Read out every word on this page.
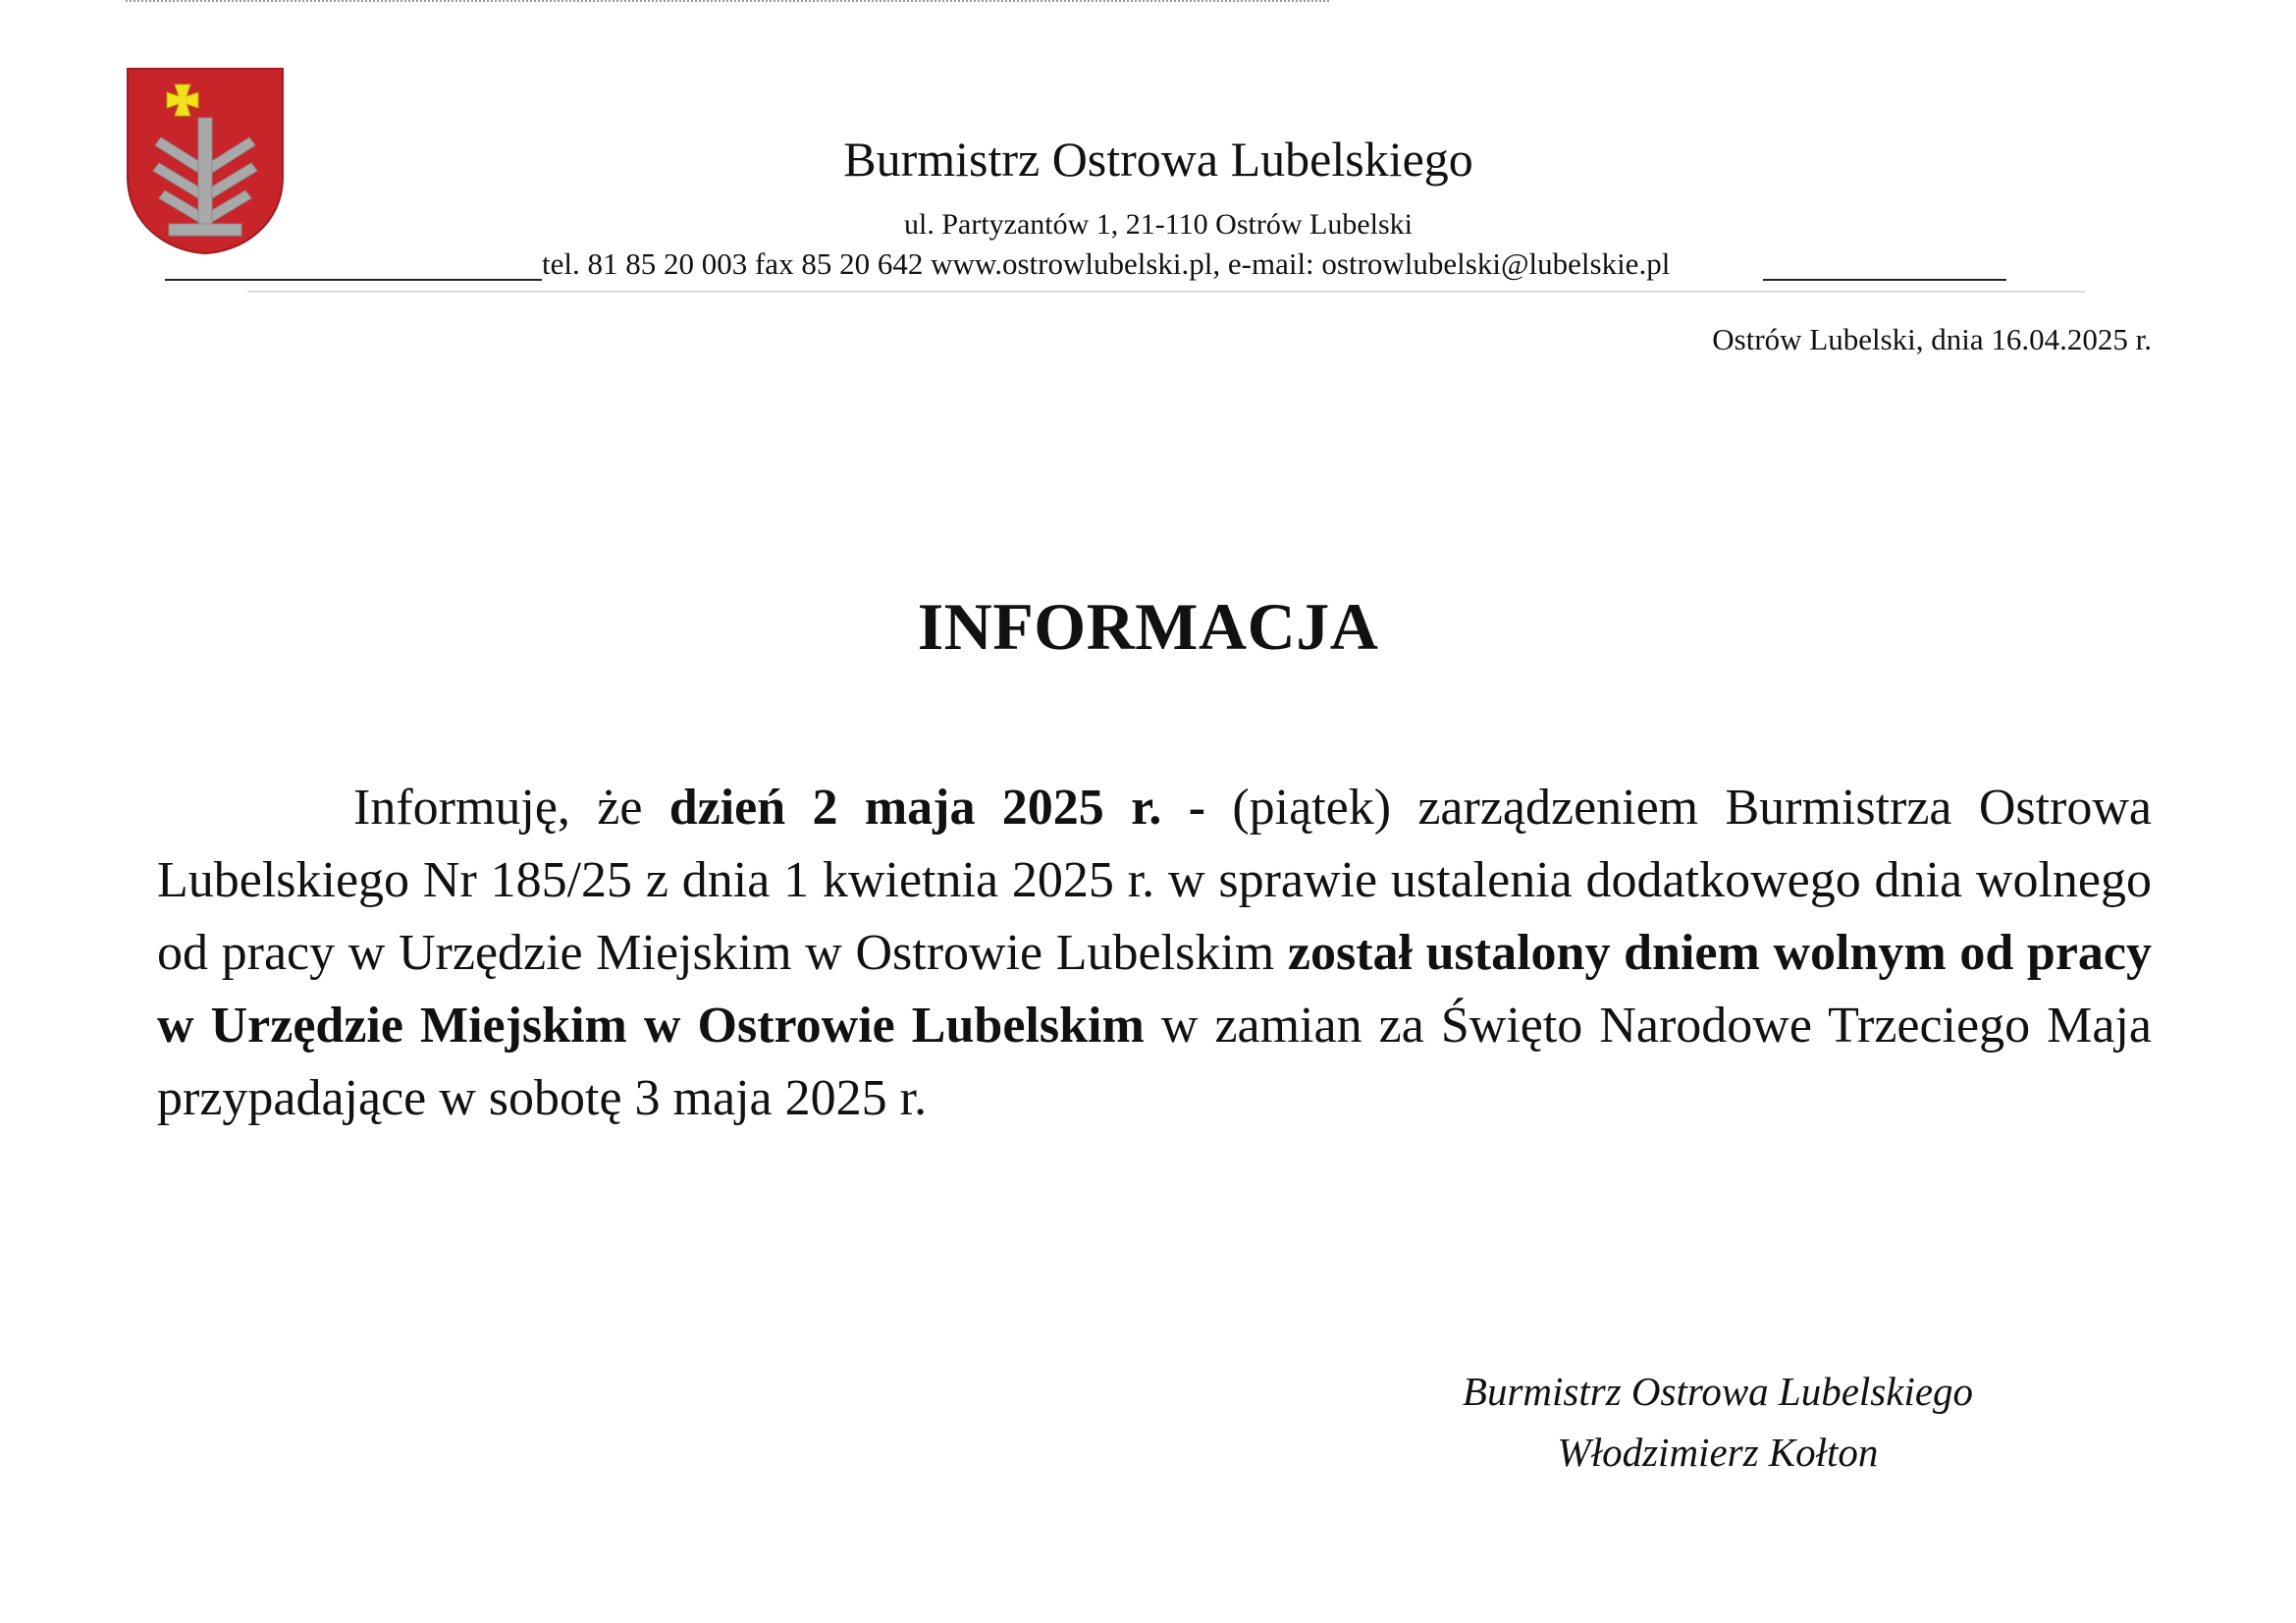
Burmistrz Ostrowa Lubelskiego
ul. Partyzantów 1, 21-110 Ostrów Lubelski
tel. 81 85 20 003 fax 85 20 642 www.ostrowlubelski.pl, e-mail: ostrowlubelski@lubelskie.pl
Ostrów Lubelski, dnia 16.04.2025 r.
INFORMACJA
Informuję, że dzień 2 maja 2025 r. - (piątek) zarządzeniem Burmistrza Ostrowa Lubelskiego Nr 185/25 z dnia 1 kwietnia 2025 r. w sprawie ustalenia dodatkowego dnia wolnego od pracy w Urzędzie Miejskim w Ostrowie Lubelskim został ustalony dniem wolnym od pracy w Urzędzie Miejskim w Ostrowie Lubelskim w zamian za Święto Narodowe Trzeciego Maja przypadające w sobotę 3 maja 2025 r.
Burmistrz Ostrowa Lubelskiego
Włodzimierz Kołton
